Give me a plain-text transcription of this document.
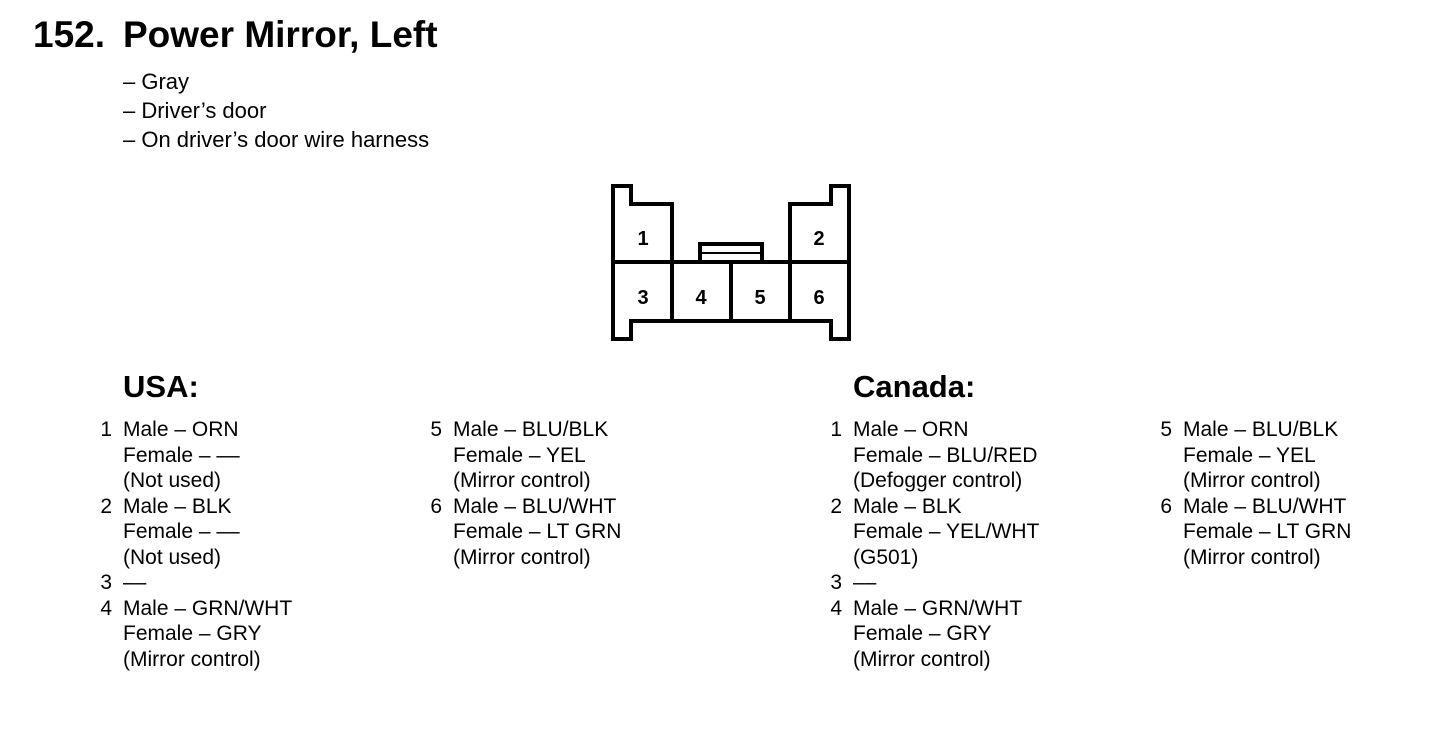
152. Power Mirror, Left
– Gray
– Driver’s door
– On driver’s door wire harness
1	2
3 4 5 6
USA:	Canada:
1 Male – ORN
Female – ––
(Not used)
2 Male – BLK
Female – ––
(Not used)
3 ––
4 Male – GRN/WHT
Female – GRY
(Mirror control)
5 Male – BLU/BLK
Female – YEL
(Mirror control)
6 Male – BLU/WHT
Female – LT GRN
(Mirror control)
1 Male – ORN
Female – BLU/RED
(Defogger control)
2 Male – BLK
Female – YEL/WHT
(G501)
3 ––
4 Male – GRN/WHT
Female – GRY
(Mirror control)
5 Male – BLU/BLK
Female – YEL
(Mirror control)
6 Male – BLU/WHT
Female – LT GRN
(Mirror control)
